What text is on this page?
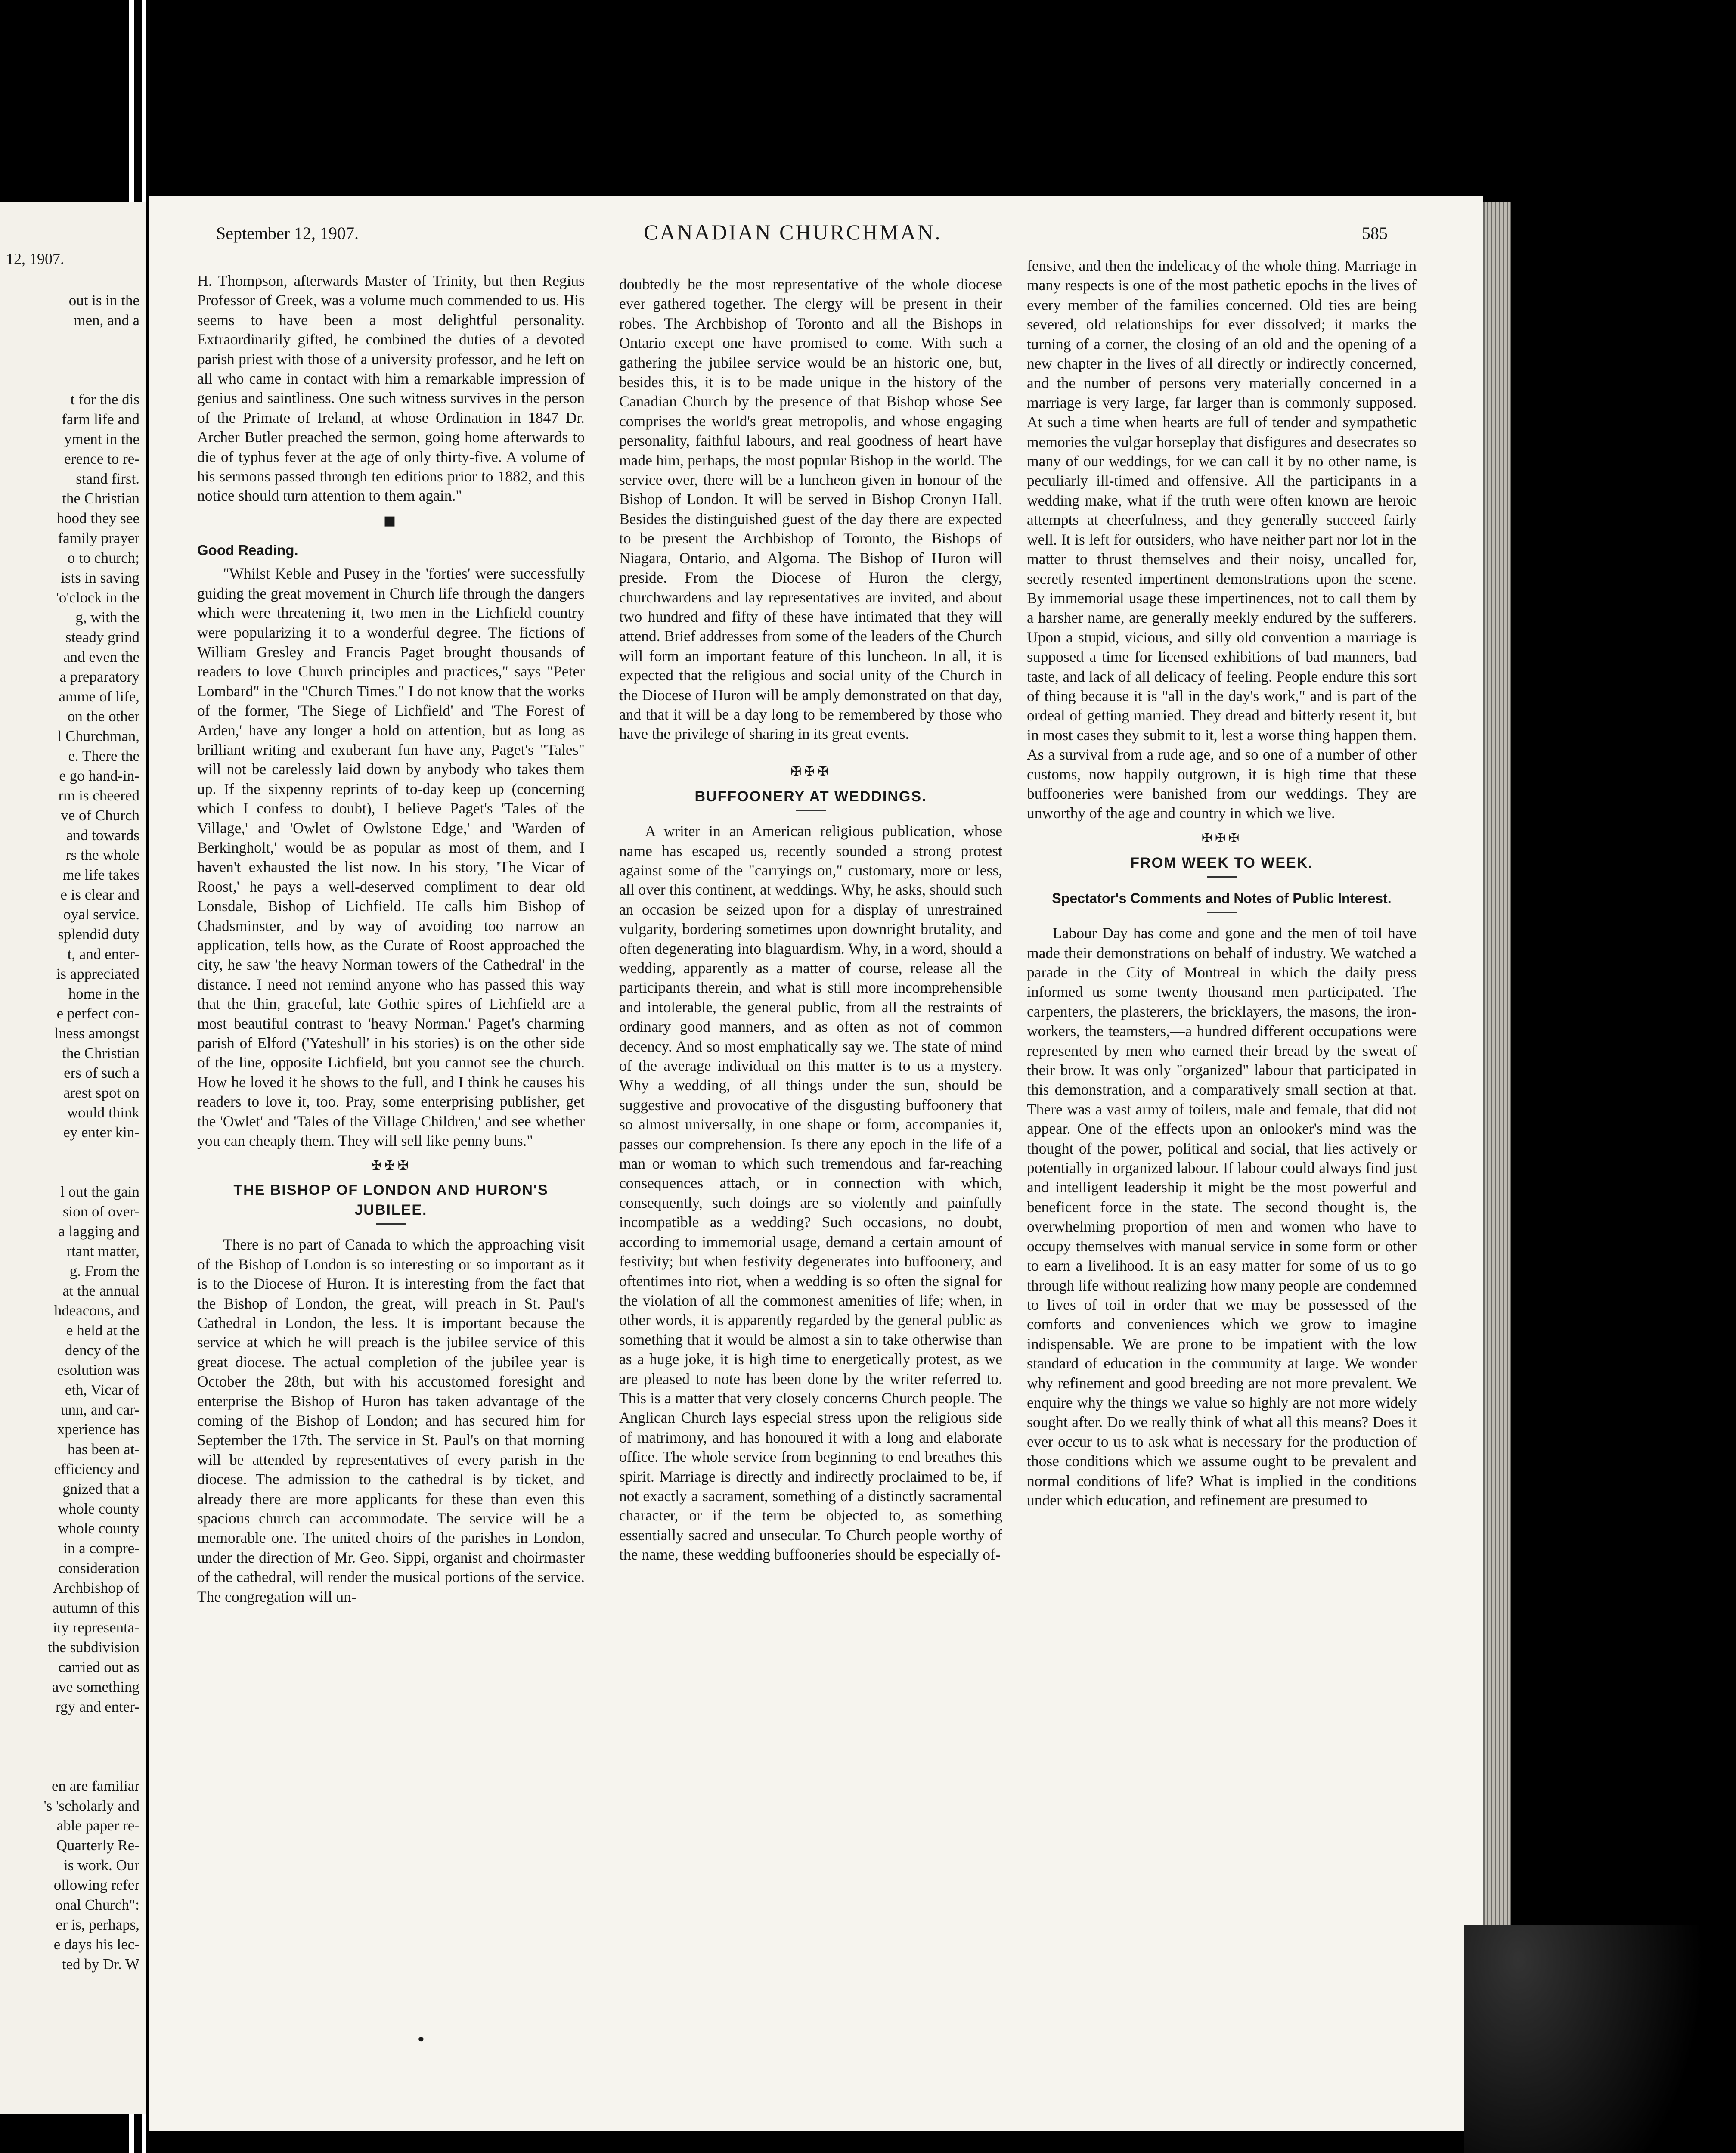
12, 1907.
out is in the
men, and a
t for the dis
farm life and
yment in the
erence to re-
stand first.
the Christian
hood they see
family prayer
o to church;
ists in saving
'o'clock in the
g, with the
steady grind
and even the
a preparatory
amme of life,
on the other
l Churchman,
e. There the
e go hand-in-
rm is cheered
ve of Church
and towards
rs the whole
me life takes
e is clear and
oyal service.
splendid duty
t, and enter-
is appreciated
home in the
e perfect con-
lness amongst
the Christian
ers of such a
arest spot on
would think
ey enter kin-
l out the gain
sion of over-
a lagging and
rtant matter,
g. From the
at the annual
hdeacons, and
e held at the
dency of the
esolution was
eth, Vicar of
unn, and car-
xperience has
has been at-
efficiency and
gnized that a
whole county
whole county
in a compre-
consideration
Archbishop of
autumn of this
ity representa-
the subdivision
carried out as
ave something
rgy and enter-
en are familiar
's 'scholarly and
able paper re-
Quarterly Re-
is work. Our
ollowing refer
onal Church":
er is, perhaps,
e days his lec-
ted by Dr. W
September 12, 1907.	CANADIAN CHURCHMAN.	585

H. Thompson, afterwards Master of Trinity, but then Regius Professor of Greek, was a volume much commended to us. His seems to have been a most delightful personality. Extraordinarily gifted, he combined the duties of a devoted parish priest with those of a university professor, and he left on all who came in contact with him a remarkable impression of genius and saintliness. One such witness survives in the person of the Primate of Ireland, at whose Ordination in 1847 Dr. Archer Butler preached the sermon, going home afterwards to die of typhus fever at the age of only thirty-five. A volume of his sermons passed through ten editions prior to 1882, and this notice should turn attention to them again."

■
Good Reading.

"Whilst Keble and Pusey in the 'forties' were successfully guiding the great movement in Church life through the dangers which were threatening it, two men in the Lichfield country were popularizing it to a wonderful degree. The fictions of William Gresley and Francis Paget brought thousands of readers to love Church principles and practices," says "Peter Lombard" in the "Church Times." I do not know that the works of the former, 'The Siege of Lichfield' and 'The Forest of Arden,' have any longer a hold on attention, but as long as brilliant writing and exuberant fun have any, Paget's "Tales" will not be carelessly laid down by anybody who takes them up. If the sixpenny reprints of to-day keep up (concerning which I confess to doubt), I believe Paget's 'Tales of the Village,' and 'Owlet of Owlstone Edge,' and 'Warden of Berkingholt,' would be as popular as most of them, and I haven't exhausted the list now. In his story, 'The Vicar of Roost,' he pays a well-deserved compliment to dear old Lonsdale, Bishop of Lichfield. He calls him Bishop of Chadsminster, and by way of avoiding too narrow an application, tells how, as the Curate of Roost approached the city, he saw 'the heavy Norman towers of the Cathedral' in the distance. I need not remind anyone who has passed this way that the thin, graceful, late Gothic spires of Lichfield are a most beautiful contrast to 'heavy Norman.' Paget's charming parish of Elford ('Yateshull' in his stories) is on the other side of the line, opposite Lichfield, but you cannot see the church. How he loved it he shows to the full, and I think he causes his readers to love it, too. Pray, some enterprising publisher, get the 'Owlet' and 'Tales of the Village Children,' and see whether you can cheaply them. They will sell like penny buns."

✠✠✠
THE BISHOP OF LONDON AND HURON'S JUBILEE.

There is no part of Canada to which the approaching visit of the Bishop of London is so interesting or so important as it is to the Diocese of Huron. It is interesting from the fact that the Bishop of London, the great, will preach in St. Paul's Cathedral in London, the less. It is important because the service at which he will preach is the jubilee service of this great diocese. The actual completion of the jubilee year is October the 28th, but with his accustomed foresight and enterprise the Bishop of Huron has taken advantage of the coming of the Bishop of London; and has secured him for September the 17th. The service in St. Paul's on that morning will be attended by representatives of every parish in the diocese. The admission to the cathedral is by ticket, and already there are more applicants for these than even this spacious church can accommodate. The service will be a memorable one. The united choirs of the parishes in London, under the direction of Mr. Geo. Sippi, organist and choirmaster of the cathedral, will render the musical portions of the service. The congregation will un-

doubtedly be the most representative of the whole diocese ever gathered together. The clergy will be present in their robes. The Archbishop of Toronto and all the Bishops in Ontario except one have promised to come. With such a gathering the jubilee service would be an historic one, but, besides this, it is to be made unique in the history of the Canadian Church by the presence of that Bishop whose See comprises the world's great metropolis, and whose engaging personality, faithful labours, and real goodness of heart have made him, perhaps, the most popular Bishop in the world. The service over, there will be a luncheon given in honour of the Bishop of London. It will be served in Bishop Cronyn Hall. Besides the distinguished guest of the day there are expected to be present the Archbishop of Toronto, the Bishops of Niagara, Ontario, and Algoma. The Bishop of Huron will preside. From the Diocese of Huron the clergy, churchwardens and lay representatives are invited, and about two hundred and fifty of these have intimated that they will attend. Brief addresses from some of the leaders of the Church will form an important feature of this luncheon. In all, it is expected that the religious and social unity of the Church in the Diocese of Huron will be amply demonstrated on that day, and that it will be a day long to be remembered by those who have the privilege of sharing in its great events.

✠✠✠
BUFFOONERY AT WEDDINGS.

A writer in an American religious publication, whose name has escaped us, recently sounded a strong protest against some of the "carryings on," customary, more or less, all over this continent, at weddings. Why, he asks, should such an occasion be seized upon for a display of unrestrained vulgarity, bordering sometimes upon downright brutality, and often degenerating into blaguardism. Why, in a word, should a wedding, apparently as a matter of course, release all the participants therein, and what is still more incomprehensible and intolerable, the general public, from all the restraints of ordinary good manners, and as often as not of common decency. And so most emphatically say we. The state of mind of the average individual on this matter is to us a mystery. Why a wedding, of all things under the sun, should be suggestive and provocative of the disgusting buffoonery that so almost universally, in one shape or form, accompanies it, passes our comprehension. Is there any epoch in the life of a man or woman to which such tremendous and far-reaching consequences attach, or in connection with which, consequently, such doings are so violently and painfully incompatible as a wedding? Such occasions, no doubt, according to immemorial usage, demand a certain amount of festivity; but when festivity degenerates into buffoonery, and oftentimes into riot, when a wedding is so often the signal for the violation of all the commonest amenities of life; when, in other words, it is apparently regarded by the general public as something that it would be almost a sin to take otherwise than as a huge joke, it is high time to energetically protest, as we are pleased to note has been done by the writer referred to. This is a matter that very closely concerns Church people. The Anglican Church lays especial stress upon the religious side of matrimony, and has honoured it with a long and elaborate office. The whole service from beginning to end breathes this spirit. Marriage is directly and indirectly proclaimed to be, if not exactly a sacrament, something of a distinctly sacramental character, or if the term be objected to, as something essentially sacred and unsecular. To Church people worthy of the name, these wedding buffooneries should be especially of-

fensive, and then the indelicacy of the whole thing. Marriage in many respects is one of the most pathetic epochs in the lives of every member of the families concerned. Old ties are being severed, old relationships for ever dissolved; it marks the turning of a corner, the closing of an old and the opening of a new chapter in the lives of all directly or indirectly concerned, and the number of persons very materially concerned in a marriage is very large, far larger than is commonly supposed. At such a time when hearts are full of tender and sympathetic memories the vulgar horseplay that disfigures and desecrates so many of our weddings, for we can call it by no other name, is peculiarly ill-timed and offensive. All the participants in a wedding make, what if the truth were often known are heroic attempts at cheerfulness, and they generally succeed fairly well. It is left for outsiders, who have neither part nor lot in the matter to thrust themselves and their noisy, uncalled for, secretly resented impertinent demonstrations upon the scene. By immemorial usage these impertinences, not to call them by a harsher name, are generally meekly endured by the sufferers. Upon a stupid, vicious, and silly old convention a marriage is supposed a time for licensed exhibitions of bad manners, bad taste, and lack of all delicacy of feeling. People endure this sort of thing because it is "all in the day's work," and is part of the ordeal of getting married. They dread and bitterly resent it, but in most cases they submit to it, lest a worse thing happen them. As a survival from a rude age, and so one of a number of other customs, now happily outgrown, it is high time that these buffooneries were banished from our weddings. They are unworthy of the age and country in which we live.

✠✠✠
FROM WEEK TO WEEK.
Spectator's Comments and Notes of Public Interest.

Labour Day has come and gone and the men of toil have made their demonstrations on behalf of industry. We watched a parade in the City of Montreal in which the daily press informed us some twenty thousand men participated. The carpenters, the plasterers, the bricklayers, the masons, the iron-workers, the teamsters,—a hundred different occupations were represented by men who earned their bread by the sweat of their brow. It was only "organized" labour that participated in this demonstration, and a comparatively small section at that. There was a vast army of toilers, male and female, that did not appear. One of the effects upon an onlooker's mind was the thought of the power, political and social, that lies actively or potentially in organized labour. If labour could always find just and intelligent leadership it might be the most powerful and beneficent force in the state. The second thought is, the overwhelming proportion of men and women who have to occupy themselves with manual service in some form or other to earn a livelihood. It is an easy matter for some of us to go through life without realizing how many people are condemned to lives of toil in order that we may be possessed of the comforts and conveniences which we grow to imagine indispensable. We are prone to be impatient with the low standard of education in the community at large. We wonder why refinement and good breeding are not more prevalent. We enquire why the things we value so highly are not more widely sought after. Do we really think of what all this means? Does it ever occur to us to ask what is necessary for the production of those conditions which we assume ought to be prevalent and normal conditions of life? What is implied in the conditions under which education, and refinement are presumed to

●
